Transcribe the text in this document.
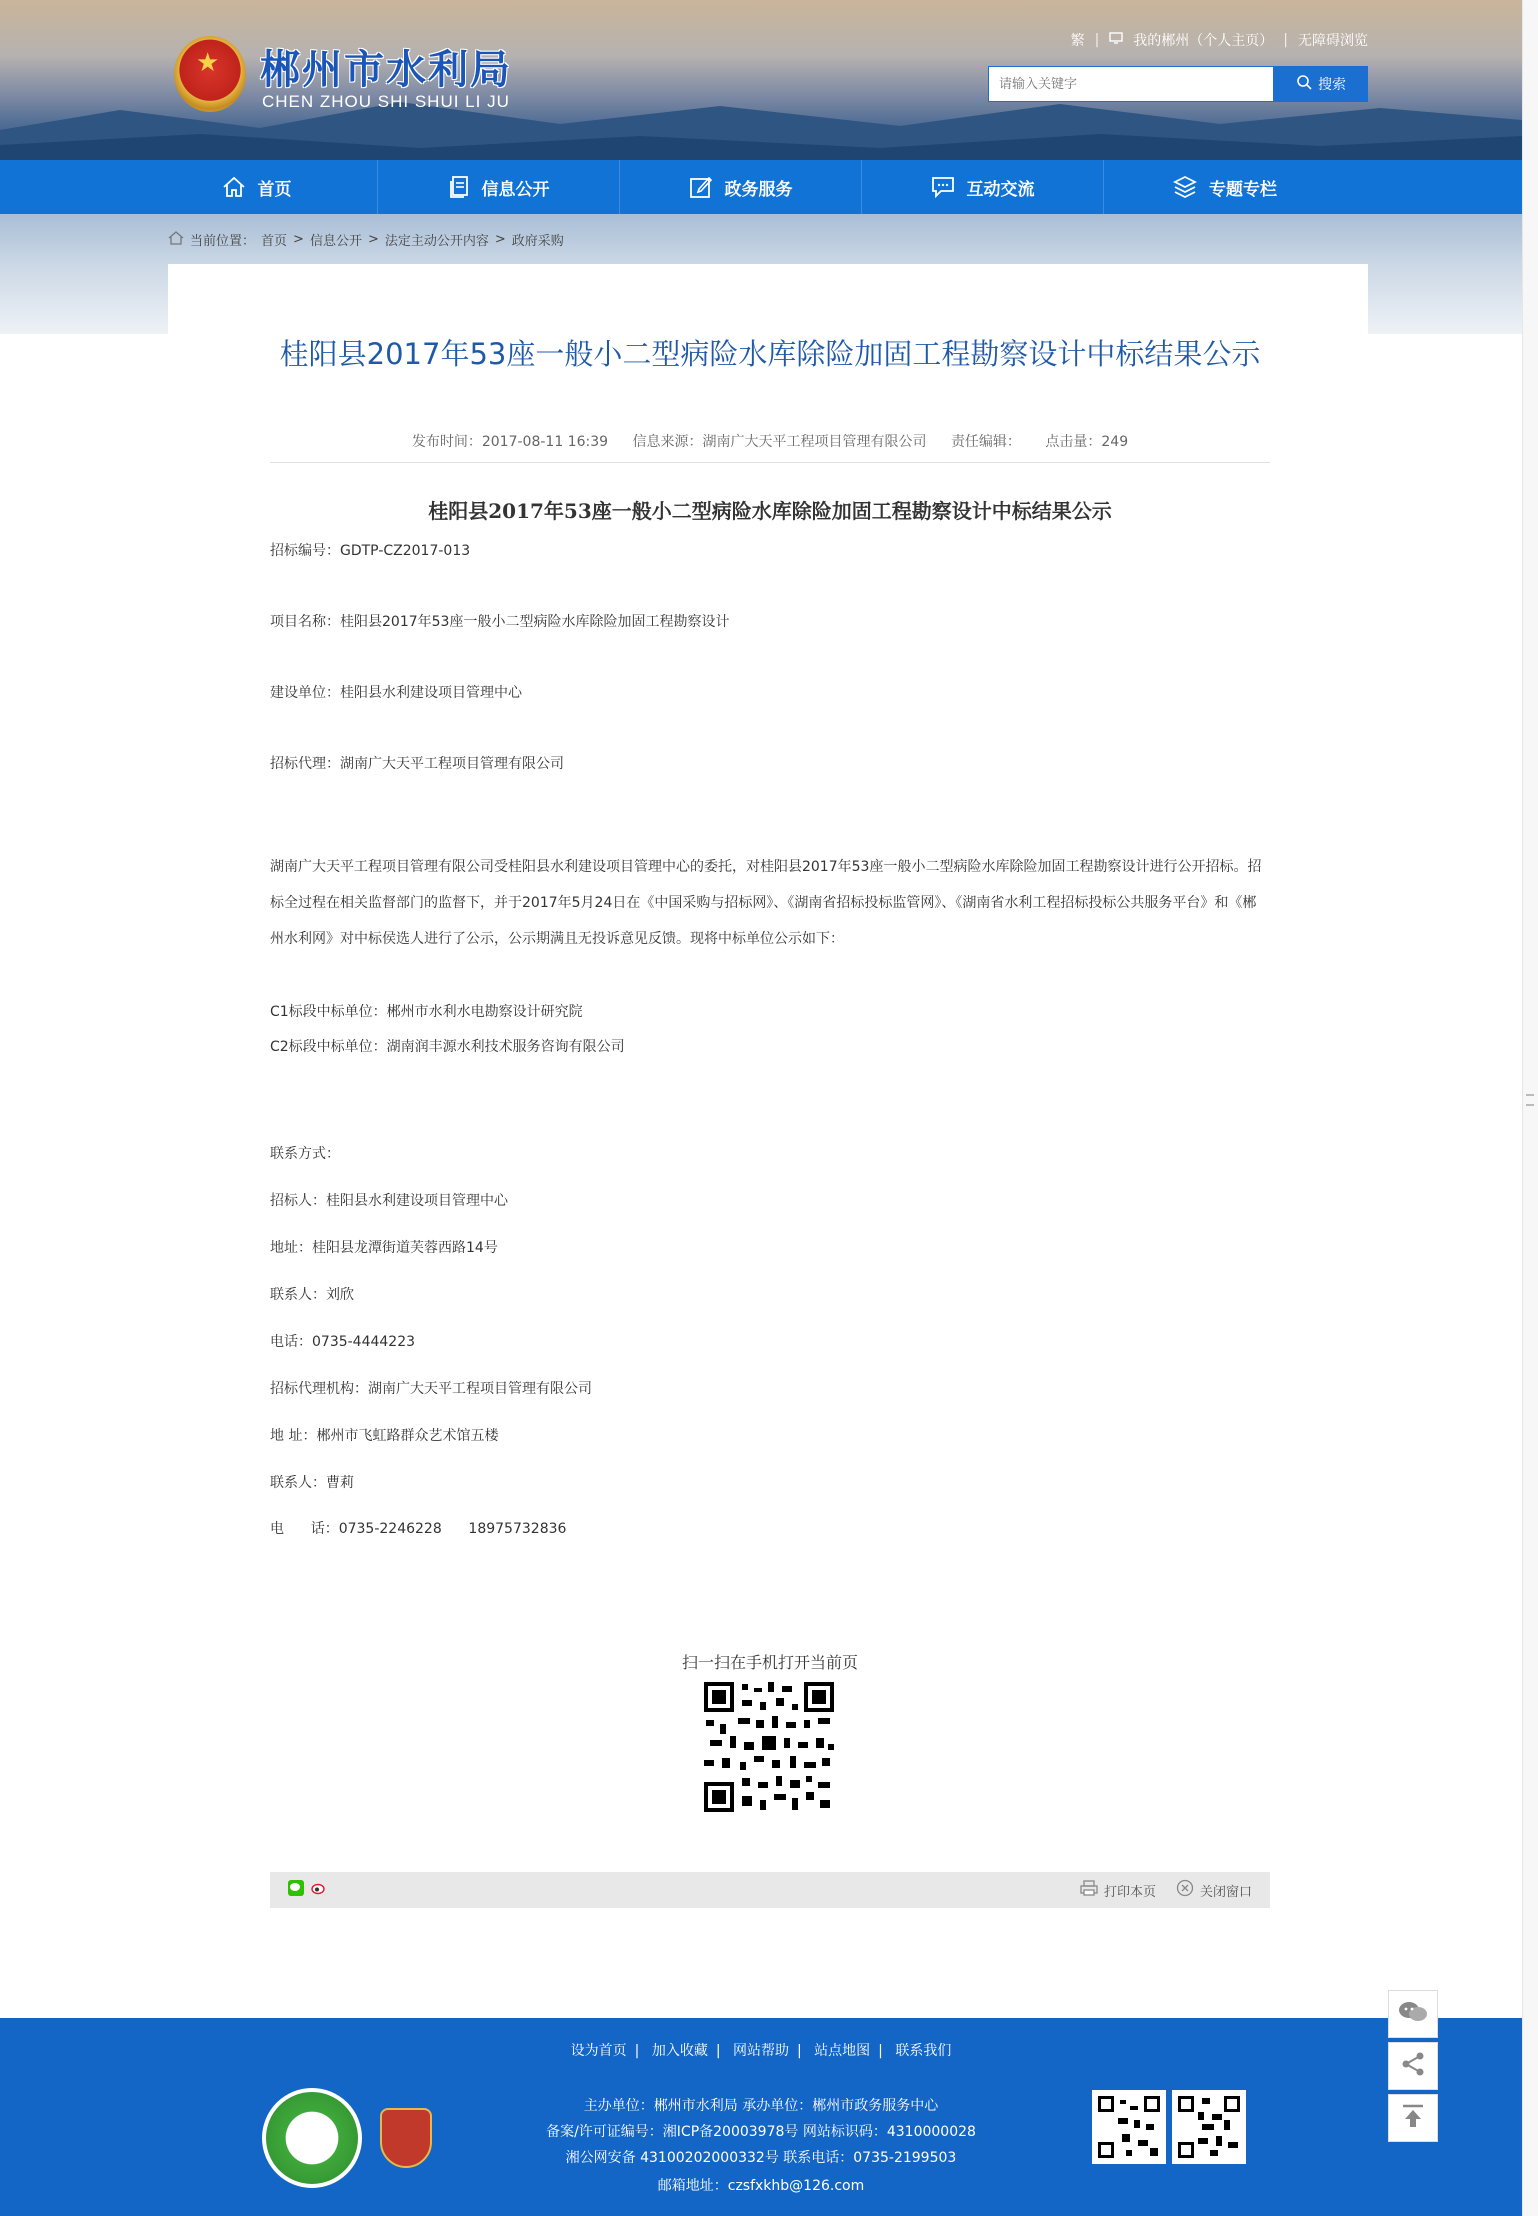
★ 郴州市水利局
CHEN ZHOU SHI SHUI LI JU
繁 | 我的郴州（个人主页） | 无障碍浏览
请输入关键字
搜索
首页	信息公开	政务服务	互动交流	专题专栏
当前位置： 首页 > 信息公开 > 法定主动公开内容 > 政府采购
桂阳县2017年53座一般小二型病险水库除险加固工程勘察设计中标结果公示
发布时间：2017-08-11 16:39 信息来源：湖南广大天平工程项目管理有限公司 责任编辑： 点击量：249
桂阳县2017年53座一般小二型病险水库除险加固工程勘察设计中标结果公示
招标编号：GDTP-CZ2017-013
项目名称：桂阳县2017年53座一般小二型病险水库除险加固工程勘察设计
建设单位：桂阳县水利建设项目管理中心
招标代理：湖南广大天平工程项目管理有限公司
湖南广大天平工程项目管理有限公司受桂阳县水利建设项目管理中心的委托，对桂阳县2017年53座一般小二型病险水库除险加固工程勘察设计进行公开招标。招标全过程在相关监督部门的监督下，并于2017年5月24日在《中国采购与招标网》、《湖南省招标投标监管网》、《湖南省水利工程招标投标公共服务平台》和《郴州水利网》对中标侯选人进行了公示，公示期满且无投诉意见反馈。现将中标单位公示如下：
C1标段中标单位：郴州市水利水电勘察设计研究院
C2标段中标单位：湖南润丰源水利技术服务咨询有限公司
联系方式：
招标人：桂阳县水利建设项目管理中心
地址：桂阳县龙潭街道芙蓉西路14号
联系人：刘欣
电话：0735-4444223
招标代理机构：湖南广大天平工程项目管理有限公司
地 址：郴州市飞虹路群众艺术馆五楼
联系人：曹莉
电      话：0735-2246228      18975732836
扫一扫在手机打开当前页
打印本页	关闭窗口
设为首页 | 加入收藏 | 网站帮助 | 站点地图 | 联系我们
主办单位：郴州市水利局 承办单位：郴州市政务服务中心
备案/许可证编号：湘ICP备20003978号 网站标识码：4310000028
湘公网安备 43100202000332号 联系电话：0735-2199503
邮箱地址：czsfxkhb@126.com
